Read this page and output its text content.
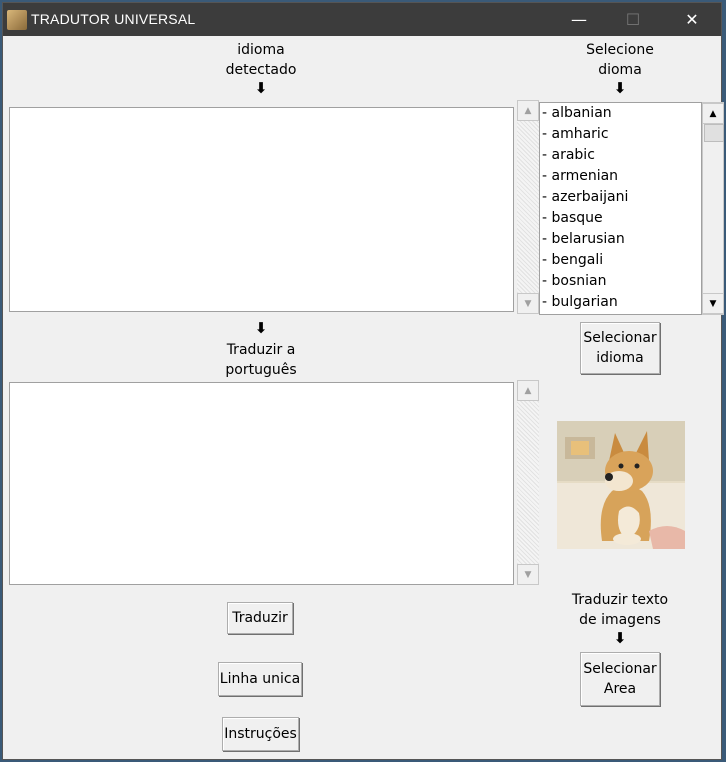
TRADUTOR UNIVERSAL	—	☐	✕
idioma
detectado
⬇
Selecione
dioma
⬇
▲
▼
- albanian
- amharic
- arabic
- armenian
- azerbaijani
- basque
- belarusian
- bengali
- bosnian
- bulgarian
▲
▼
Selecionar
idioma
⬇
Traduzir a
português
▲
▼
Traduzir texto
de imagens
⬇
Selecionar
Area
Traduzir
Linha unica
Instruções
